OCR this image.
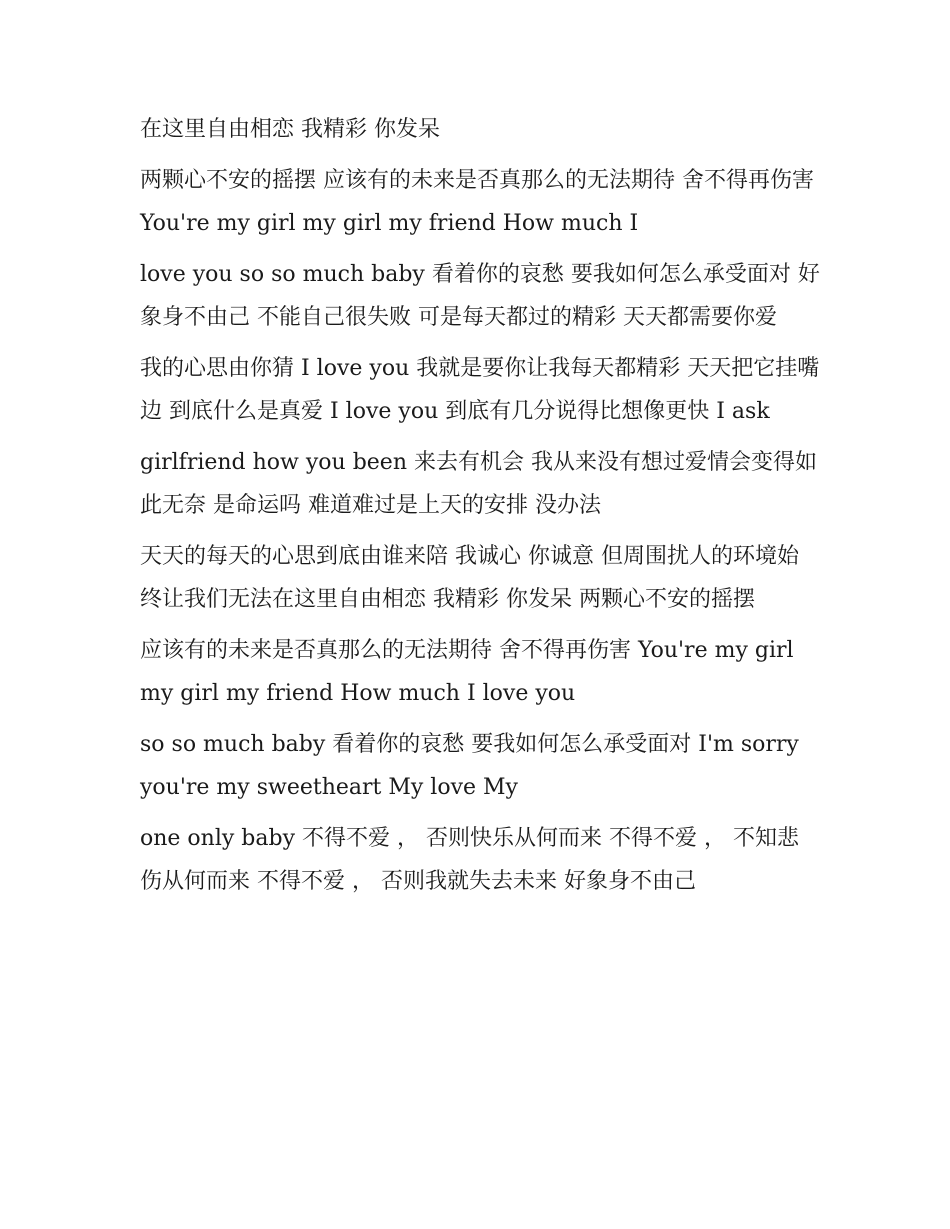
在这里自由相恋 我精彩 你发呆

两颗心不安的摇摆 应该有的未来是否真那么的无法期待 舍不得再伤害 You're my girl my girl my friend How much I

love you so so much baby 看着你的哀愁 要我如何怎么承受面对 好象身不由己 不能自己很失败 可是每天都过的精彩 天天都需要你爱

我的心思由你猜 I love you 我就是要你让我每天都精彩 天天把它挂嘴边 到底什么是真爱 I love you 到底有几分说得比想像更快 I ask

girlfriend how you been 来去有机会 我从来没有想过爱情会变得如此无奈 是命运吗 难道难过是上天的安排 没办法

天天的每天的心思到底由谁来陪 我诚心 你诚意 但周围扰人的环境始终让我们无法在这里自由相恋 我精彩 你发呆 两颗心不安的摇摆

应该有的未来是否真那么的无法期待 舍不得再伤害 You're my girl my girl my friend How much I love you

so so much baby 看着你的哀愁 要我如何怎么承受面对 I'm sorry you're my sweetheart My love My

one only baby 不得不爱 ， 否则快乐从何而来 不得不爱 ， 不知悲伤从何而来 不得不爱 ， 否则我就失去未来 好象身不由己
